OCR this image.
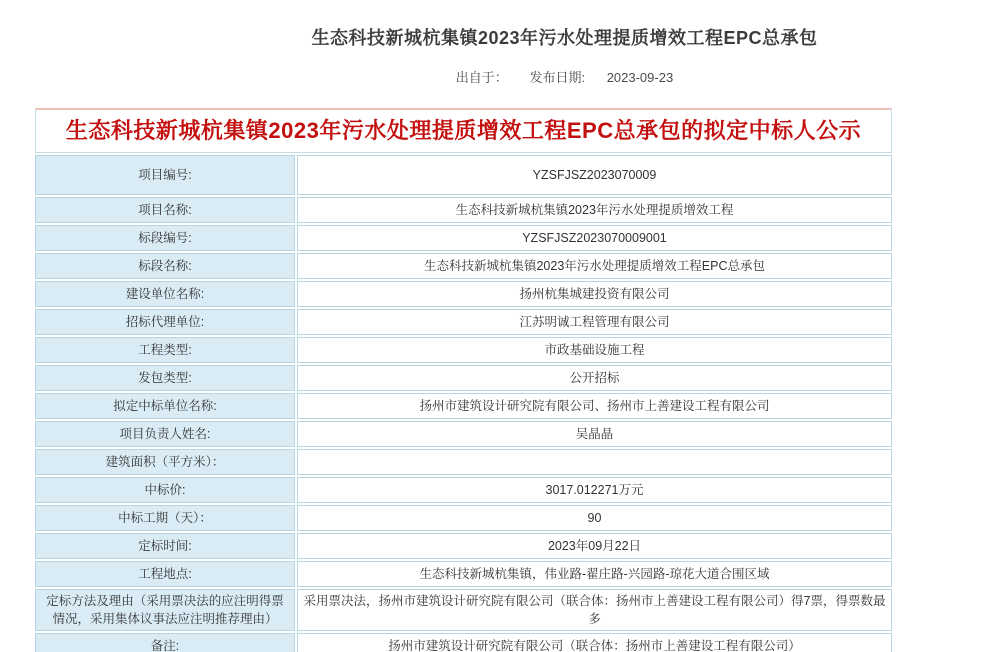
生态科技新城杭集镇2023年污水处理提质增效工程EPC总承包
出自于： 发布日期: 2023-09-23
生态科技新城杭集镇2023年污水处理提质增效工程EPC总承包的拟定中标人公示	
项目编号:	YZSFJSZ2023070009
项目名称:	生态科技新城杭集镇2023年污水处理提质增效工程
标段编号:	YZSFJSZ2023070009001
标段名称:	生态科技新城杭集镇2023年污水处理提质增效工程EPC总承包
建设单位名称:	扬州杭集城建投资有限公司
招标代理单位:	江苏明诚工程管理有限公司
工程类型:	市政基础设施工程
发包类型:	公开招标
拟定中标单位名称:	扬州市建筑设计研究院有限公司、扬州市上善建设工程有限公司
项目负责人姓名:	吴晶晶
建筑面积（平方米）：	
中标价:	3017.012271万元
中标工期（天）：	90
定标时间:	2023年09月22日
工程地点:	生态科技新城杭集镇，伟业路-翟庄路-兴园路-琼花大道合围区域
定标方法及理由（采用票决法的应注明得票情况，采用集体议事法应注明推荐理由）	采用票决法，扬州市建筑设计研究院有限公司（联合体：扬州市上善建设工程有限公司）得7票，得票数最多
备注:	扬州市建筑设计研究院有限公司（联合体：扬州市上善建设工程有限公司）
